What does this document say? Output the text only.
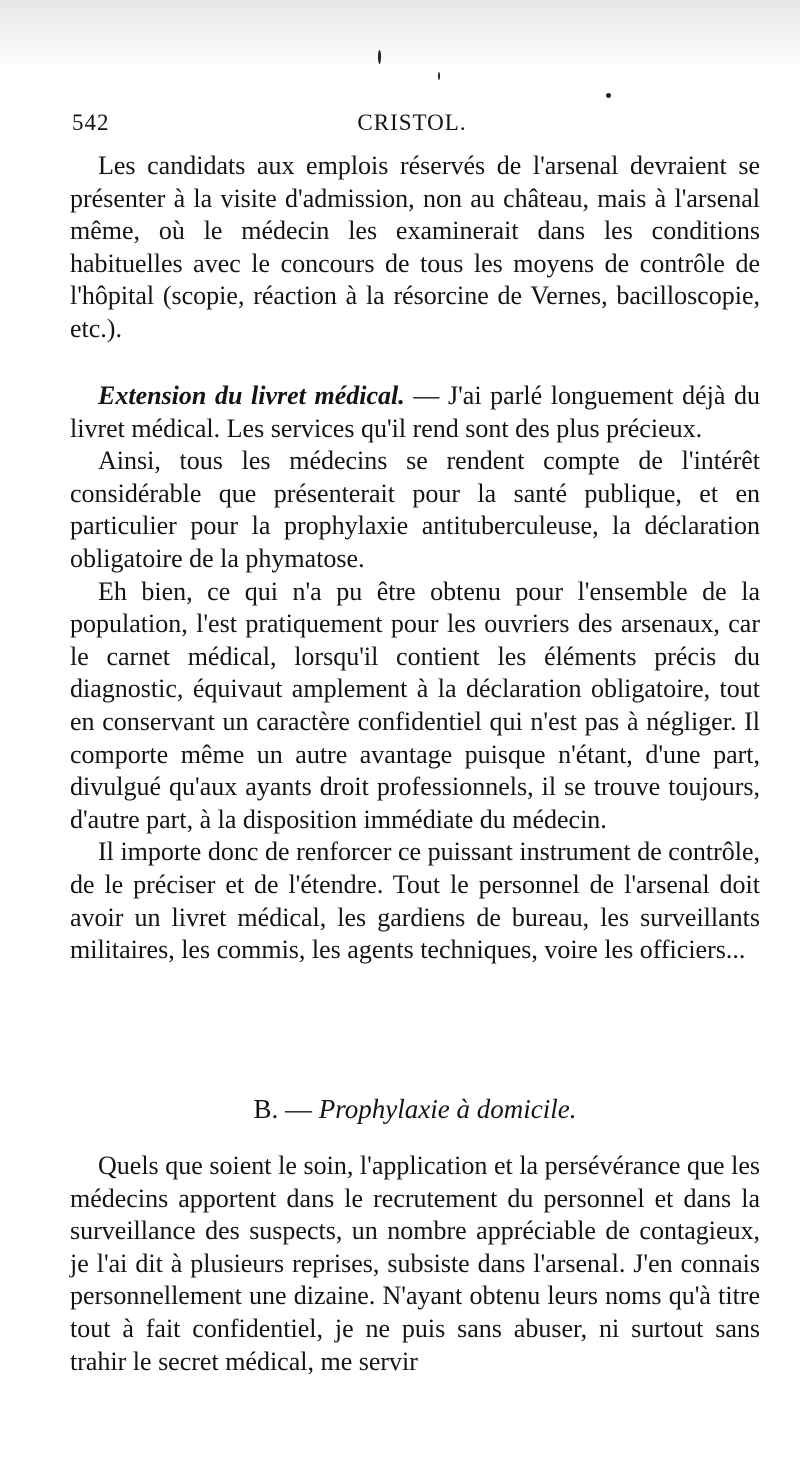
542	CRISTOL.

Les candidats aux emplois réservés de l'arsenal devraient se présenter à la visite d'admission, non au château, mais à l'arsenal même, où le médecin les examinerait dans les conditions habituelles avec le concours de tous les moyens de contrôle de l'hôpital (scopie, réaction à la résorcine de Vernes, bacilloscopie, etc.).

Extension du livret médical. — J'ai parlé longuement déjà du livret médical. Les services qu'il rend sont des plus précieux.

Ainsi, tous les médecins se rendent compte de l'intérêt considérable que présenterait pour la santé publique, et en particulier pour la prophylaxie antituberculeuse, la déclaration obligatoire de la phymatose.

Eh bien, ce qui n'a pu être obtenu pour l'ensemble de la population, l'est pratiquement pour les ouvriers des arsenaux, car le carnet médical, lorsqu'il contient les éléments précis du diagnostic, équivaut amplement à la déclaration obligatoire, tout en conservant un caractère confidentiel qui n'est pas à négliger. Il comporte même un autre avantage puisque n'étant, d'une part, divulgué qu'aux ayants droit professionnels, il se trouve toujours, d'autre part, à la disposition immédiate du médecin.

Il importe donc de renforcer ce puissant instrument de contrôle, de le préciser et de l'étendre. Tout le personnel de l'arsenal doit avoir un livret médical, les gardiens de bureau, les surveillants militaires, les commis, les agents techniques, voire les officiers...

B. — Prophylaxie à domicile.

Quels que soient le soin, l'application et la persévérance que les médecins apportent dans le recrutement du personnel et dans la surveillance des suspects, un nombre appréciable de contagieux, je l'ai dit à plusieurs reprises, subsiste dans l'arsenal. J'en connais personnellement une dizaine. N'ayant obtenu leurs noms qu'à titre tout à fait confidentiel, je ne puis sans abuser, ni surtout sans trahir le secret médical, me servir
